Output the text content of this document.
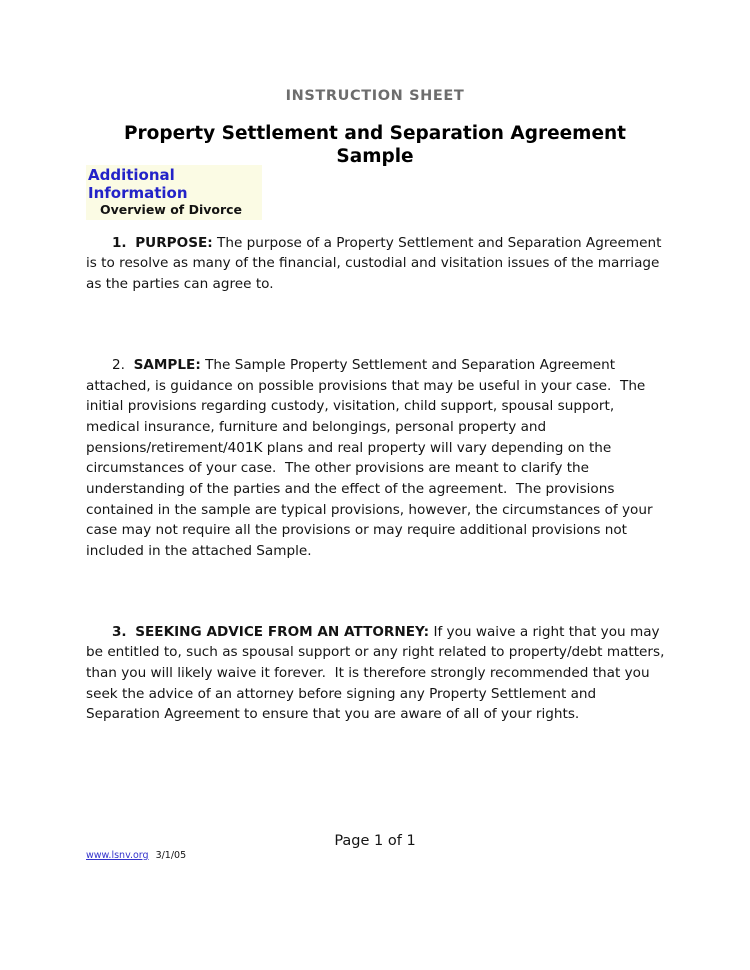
INSTRUCTION SHEET
Property Settlement and Separation Agreement
Sample
Additional Information
Overview of Divorce

1. PURPOSE: The purpose of a Property Settlement and Separation Agreement is to resolve as many of the financial, custodial and visitation issues of the marriage as the parties can agree to.

2. SAMPLE: The Sample Property Settlement and Separation Agreement attached, is guidance on possible provisions that may be useful in your case.  The initial provisions regarding custody, visitation, child support, spousal support, medical insurance, furniture and belongings, personal property and  pensions/retirement/401K plans and real property will vary depending on the circumstances of your case.  The other provisions are meant to clarify the understanding of the parties and the effect of the agreement.  The provisions contained in the sample are typical provisions, however, the circumstances of your case may not require all the provisions or may require additional provisions not included in the attached Sample.

3. SEEKING ADVICE FROM AN ATTORNEY: If you waive a right that you may be entitled to, such as spousal support or any right related to property/debt matters, than you will likely waive it forever.  It is therefore strongly recommended that you seek the advice of an attorney before signing any Property Settlement and Separation Agreement to ensure that you are aware of all of your rights.

Page 1 of 1
www.lsnv.org 3/1/05
